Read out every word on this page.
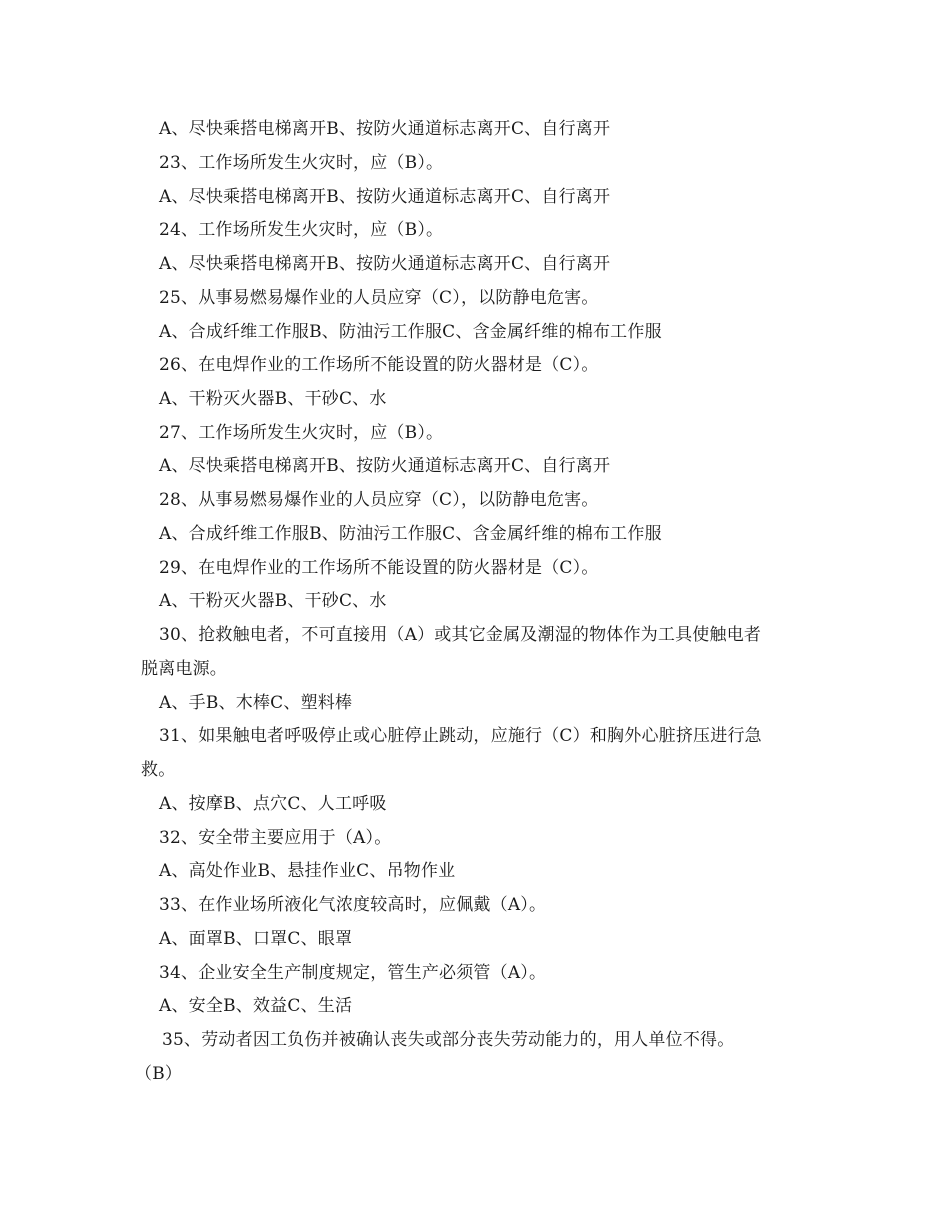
A、尽快乘搭电梯离开B、按防火通道标志离开C、自行离开
23、工作场所发生火灾时，应（B）。
A、尽快乘搭电梯离开B、按防火通道标志离开C、自行离开
24、工作场所发生火灾时，应（B）。
A、尽快乘搭电梯离开B、按防火通道标志离开C、自行离开
25、从事易燃易爆作业的人员应穿（C），以防静电危害。
A、合成纤维工作服B、防油污工作服C、含金属纤维的棉布工作服
26、在电焊作业的工作场所不能设置的防火器材是（C）。
A、干粉灭火器B、干砂C、水
27、工作场所发生火灾时，应（B）。
A、尽快乘搭电梯离开B、按防火通道标志离开C、自行离开
28、从事易燃易爆作业的人员应穿（C），以防静电危害。
A、合成纤维工作服B、防油污工作服C、含金属纤维的棉布工作服
29、在电焊作业的工作场所不能设置的防火器材是（C）。
A、干粉灭火器B、干砂C、水
30、抢救触电者，不可直接用（A）或其它金属及潮湿的物体作为工具使触电者
脱离电源。
A、手B、木棒C、塑料棒
31、如果触电者呼吸停止或心脏停止跳动，应施行（C）和胸外心脏挤压进行急
救。
A、按摩B、点穴C、人工呼吸
32、安全带主要应用于（A）。
A、高处作业B、悬挂作业C、吊物作业
33、在作业场所液化气浓度较高时，应佩戴（A）。
A、面罩B、口罩C、眼罩
34、企业安全生产制度规定，管生产必须管（A）。
A、安全B、效益C、生活
35、劳动者因工负伤并被确认丧失或部分丧失劳动能力的，用人单位不得。
（B）
